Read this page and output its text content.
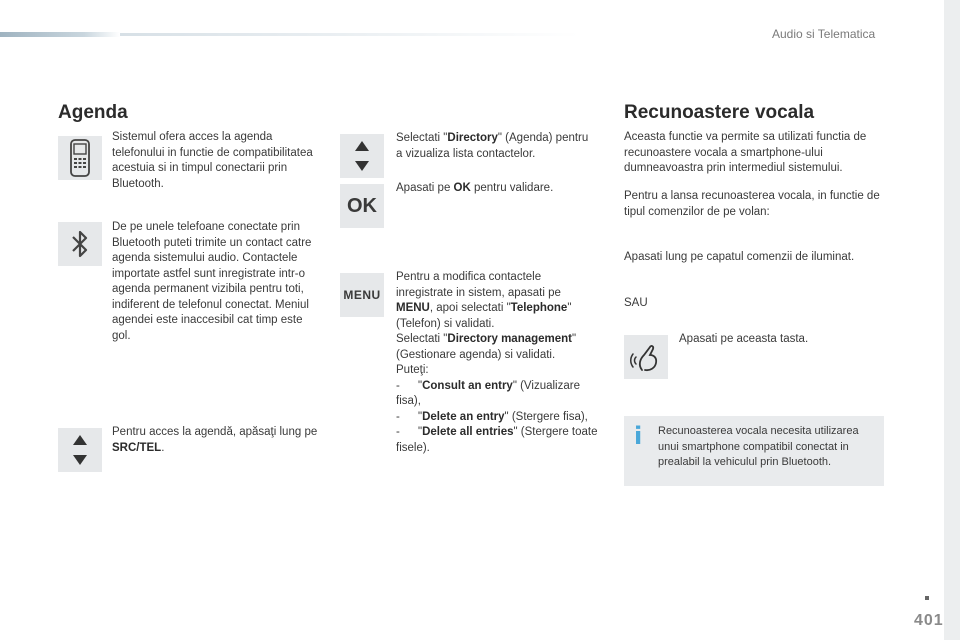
Audio si Telematica
401
Agenda
Sistemul ofera acces la agenda telefonului in functie de compatibilitatea acestuia si in timpul conectarii prin Bluetooth.
De pe unele telefoane conectate prin Bluetooth puteti trimite un contact catre agenda sistemului audio. Contactele importate astfel sunt inregistrate intr-o agenda permanent vizibila pentru toti, indiferent de telefonul conectat. Meniul agendei este inaccesibil cat timp este gol.
Pentru acces la agendă, apăsaţi lung pe SRC/TEL.
Selectati "Directory" (Agenda) pentru a vizualiza lista contactelor.
OK
Apasati pe OK pentru validare.
MENU
Pentru a modifica contactele inregistrate in sistem, apasati pe MENU, apoi selectati "Telephone" (Telefon) si validati.
Selectati "Directory management" (Gestionare agenda) si validati.
Puteţi:
- "Consult an entry" (Vizualizare fisa),
- "Delete an entry" (Stergere fisa),
- "Delete all entries" (Stergere toate fisele).
Recunoastere vocala
Aceasta functie va permite sa utilizati functia de recunoastere vocala a smartphone-ului dumneavoastra prin intermediul sistemului.
Pentru a lansa recunoasterea vocala, in functie de tipul comenzilor de pe volan:
Apasati lung pe capatul comenzii de iluminat.
SAU
Apasati pe aceasta tasta.
i Recunoasterea vocala necesita utilizarea unui smartphone compatibil conectat in prealabil la vehiculul prin Bluetooth.
